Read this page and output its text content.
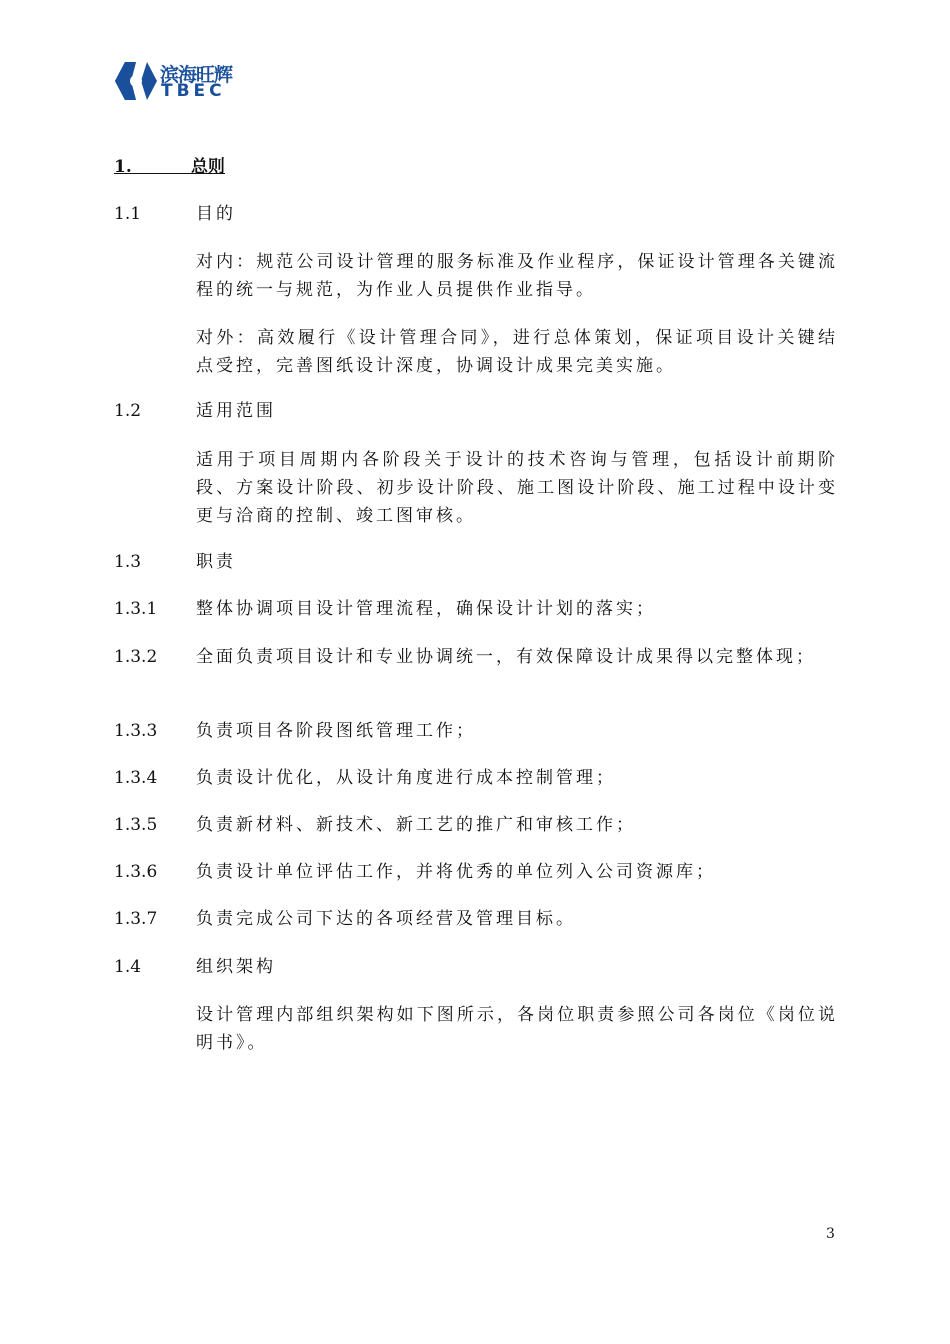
滨海旺辉
TBEC
1.	总则
1.1	目的
对内：规范公司设计管理的服务标准及作业程序，保证设计管理各关键流程的统一与规范，为作业人员提供作业指导。
对外：高效履行《设计管理合同》，进行总体策划，保证项目设计关键结点受控，完善图纸设计深度，协调设计成果完美实施。
1.2	适用范围
适用于项目周期内各阶段关于设计的技术咨询与管理，包括设计前期阶段、方案设计阶段、初步设计阶段、施工图设计阶段、施工过程中设计变更与洽商的控制、竣工图审核。
1.3	职责
1.3.1 整体协调项目设计管理流程，确保设计计划的落实；
1.3.2 全面负责项目设计和专业协调统一，有效保障设计成果得以完整体现；
1.3.3 负责项目各阶段图纸管理工作；
1.3.4 负责设计优化，从设计角度进行成本控制管理；
1.3.5 负责新材料、新技术、新工艺的推广和审核工作；
1.3.6 负责设计单位评估工作，并将优秀的单位列入公司资源库；
1.3.7 负责完成公司下达的各项经营及管理目标。
1.4	组织架构
设计管理内部组织架构如下图所示，各岗位职责参照公司各岗位《岗位说明书》。
3
